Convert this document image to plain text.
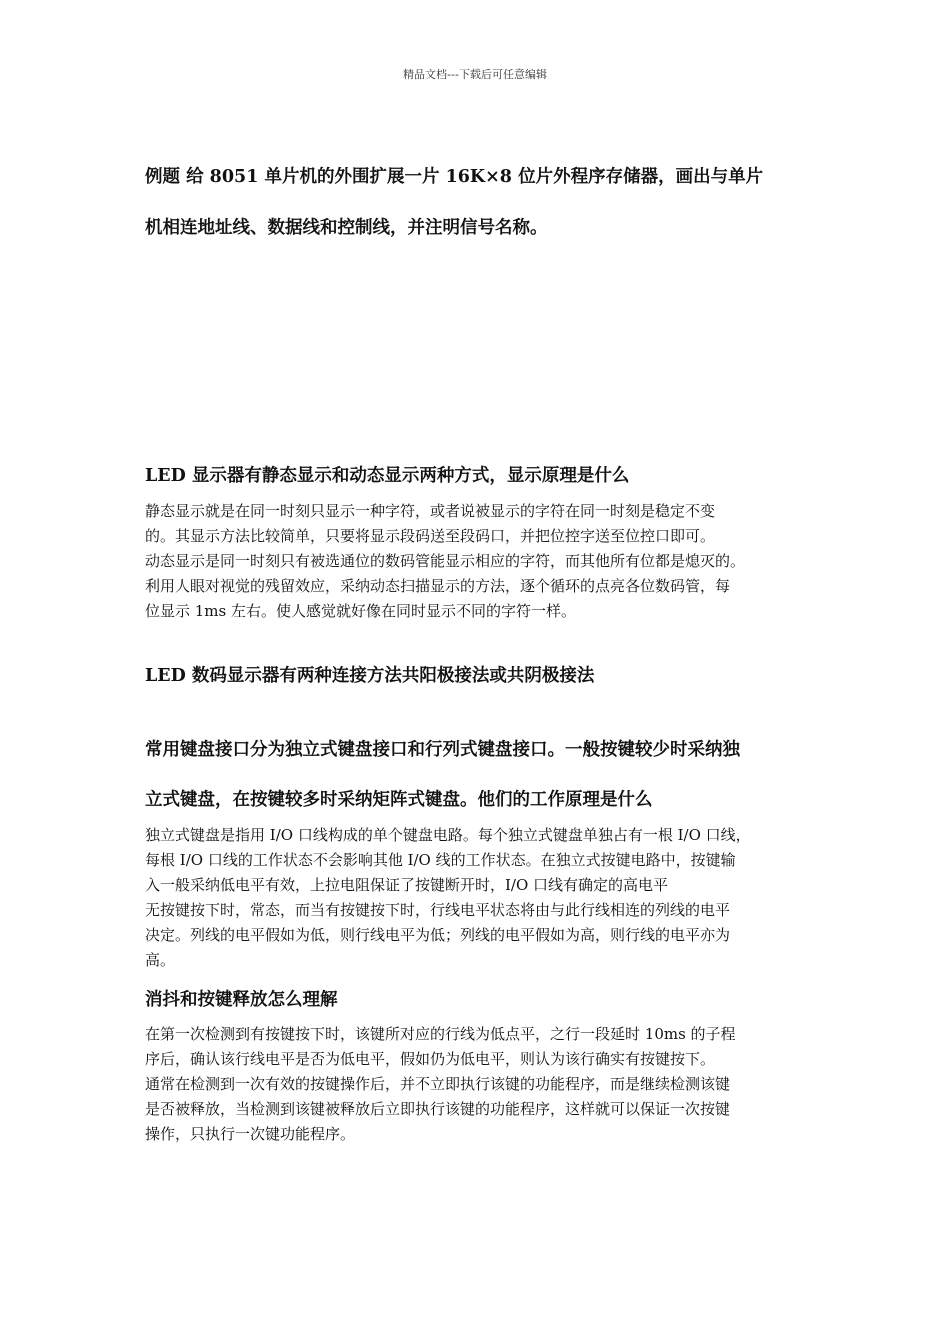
精品文档---下载后可任意编辑
例题 给 8051 单片机的外围扩展一片 16K×8 位片外程序存储器，画出与单片
机相连地址线、数据线和控制线，并注明信号名称。
LED 显示器有静态显示和动态显示两种方式，显示原理是什么
静态显示就是在同一时刻只显示一种字符，或者说被显示的字符在同一时刻是稳定不变
的。其显示方法比较简单，只要将显示段码送至段码口，并把位控字送至位控口即可。
动态显示是同一时刻只有被选通位的数码管能显示相应的字符，而其他所有位都是熄灭的。
利用人眼对视觉的残留效应，采纳动态扫描显示的方法，逐个循环的点亮各位数码管，每
位显示 1ms 左右。使人感觉就好像在同时显示不同的字符一样。
LED 数码显示器有两种连接方法共阳极接法或共阴极接法
常用键盘接口分为独立式键盘接口和行列式键盘接口。一般按键较少时采纳独
立式键盘，在按键较多时采纳矩阵式键盘。他们的工作原理是什么
独立式键盘是指用 I/O 口线构成的单个键盘电路。每个独立式键盘单独占有一根 I/O 口线，
每根 I/O 口线的工作状态不会影响其他 I/O 线的工作状态。在独立式按键电路中，按键输
入一般采纳低电平有效，上拉电阻保证了按键断开时，I/O 口线有确定的高电平
无按键按下时，常态，而当有按键按下时，行线电平状态将由与此行线相连的列线的电平
决定。列线的电平假如为低，则行线电平为低；列线的电平假如为高，则行线的电平亦为
高。
消抖和按键释放怎么理解
在第一次检测到有按键按下时，该键所对应的行线为低点平，之行一段延时 10ms 的子程
序后，确认该行线电平是否为低电平，假如仍为低电平，则认为该行确实有按键按下。
通常在检测到一次有效的按键操作后，并不立即执行该键的功能程序，而是继续检测该键
是否被释放，当检测到该键被释放后立即执行该键的功能程序，这样就可以保证一次按键
操作，只执行一次键功能程序。
